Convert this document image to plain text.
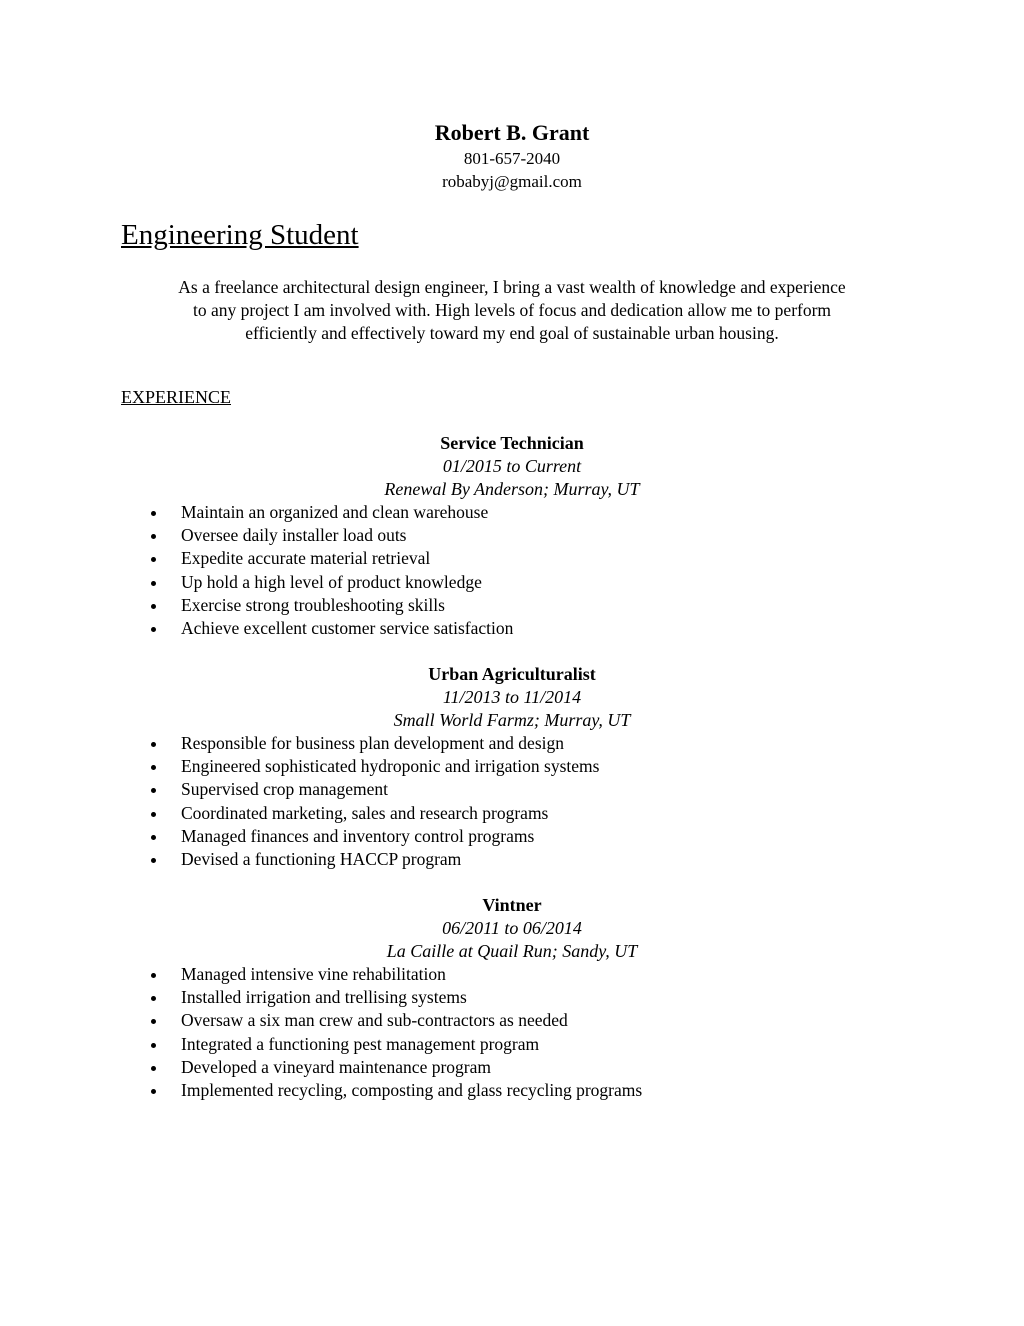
Robert B. Grant
801-657-2040
robabyj@gmail.com
Engineering Student
As a freelance architectural design engineer, I bring a vast wealth of knowledge and experience
to any project I am involved with. High levels of focus and dedication allow me to perform
efficiently and effectively toward my end goal of sustainable urban housing.
EXPERIENCE
Service Technician
01/2015 to Current
Renewal By Anderson; Murray, UT
Maintain an organized and clean warehouse
Oversee daily installer load outs
Expedite accurate material retrieval
Up hold a high level of product knowledge
Exercise strong troubleshooting skills
Achieve excellent customer service satisfaction
Urban Agriculturalist
11/2013 to 11/2014
Small World Farmz; Murray, UT
Responsible for business plan development and design
Engineered sophisticated hydroponic and irrigation systems
Supervised crop management
Coordinated marketing, sales and research programs
Managed finances and inventory control programs
Devised a functioning HACCP program
Vintner
06/2011 to 06/2014
La Caille at Quail Run; Sandy, UT
Managed intensive vine rehabilitation
Installed irrigation and trellising systems
Oversaw a six man crew and sub-contractors as needed
Integrated a functioning pest management program
Developed a vineyard maintenance program
Implemented recycling, composting and glass recycling programs
